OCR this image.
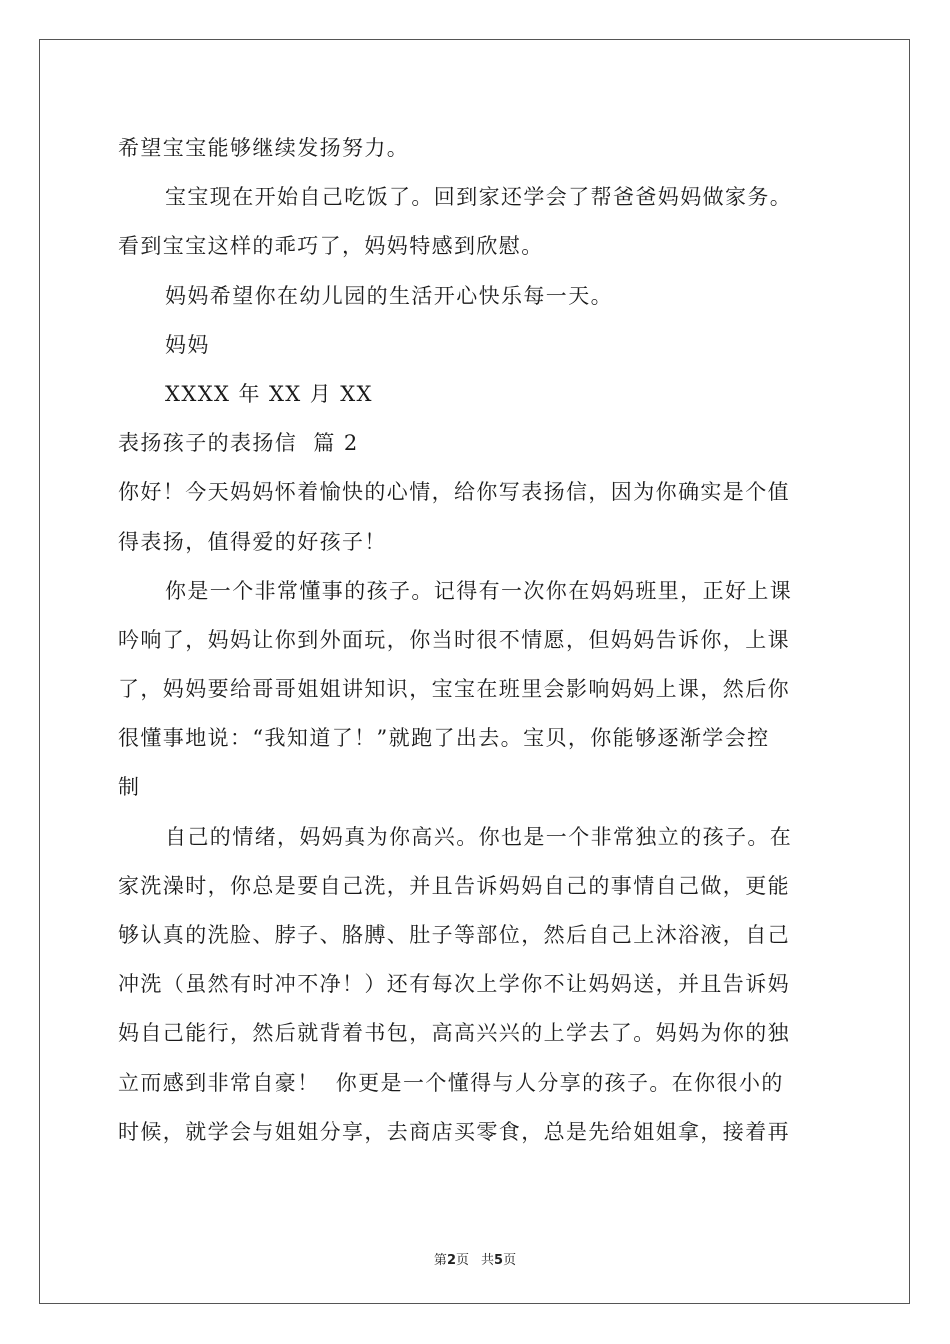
希望宝宝能够继续发扬努力。
宝宝现在开始自己吃饭了。回到家还学会了帮爸爸妈妈做家务。
看到宝宝这样的乖巧了，妈妈特感到欣慰。
妈妈希望你在幼儿园的生活开心快乐每一天。
妈妈
XXXX 年 XX 月 XX
表扬孩子的表扬信  篇 2
你好！今天妈妈怀着愉快的心情，给你写表扬信，因为你确实是个值
得表扬，值得爱的好孩子！
你是一个非常懂事的孩子。记得有一次你在妈妈班里，正好上课
吟响了，妈妈让你到外面玩，你当时很不情愿，但妈妈告诉你，上课
了，妈妈要给哥哥姐姐讲知识，宝宝在班里会影响妈妈上课，然后你
很懂事地说：“我知道了！”就跑了出去。宝贝，你能够逐渐学会控
制
自己的情绪，妈妈真为你高兴。你也是一个非常独立的孩子。在
家洗澡时，你总是要自己洗，并且告诉妈妈自己的事情自己做，更能
够认真的洗脸、脖子、胳膊、肚子等部位，然后自己上沐浴液，自己
冲洗（虽然有时冲不净！）还有每次上学你不让妈妈送，并且告诉妈
妈自己能行，然后就背着书包，高高兴兴的上学去了。妈妈为你的独
立而感到非常自豪！  你更是一个懂得与人分享的孩子。在你很小的
时候，就学会与姐姐分享，去商店买零食，总是先给姐姐拿，接着再
第2页 共5页
